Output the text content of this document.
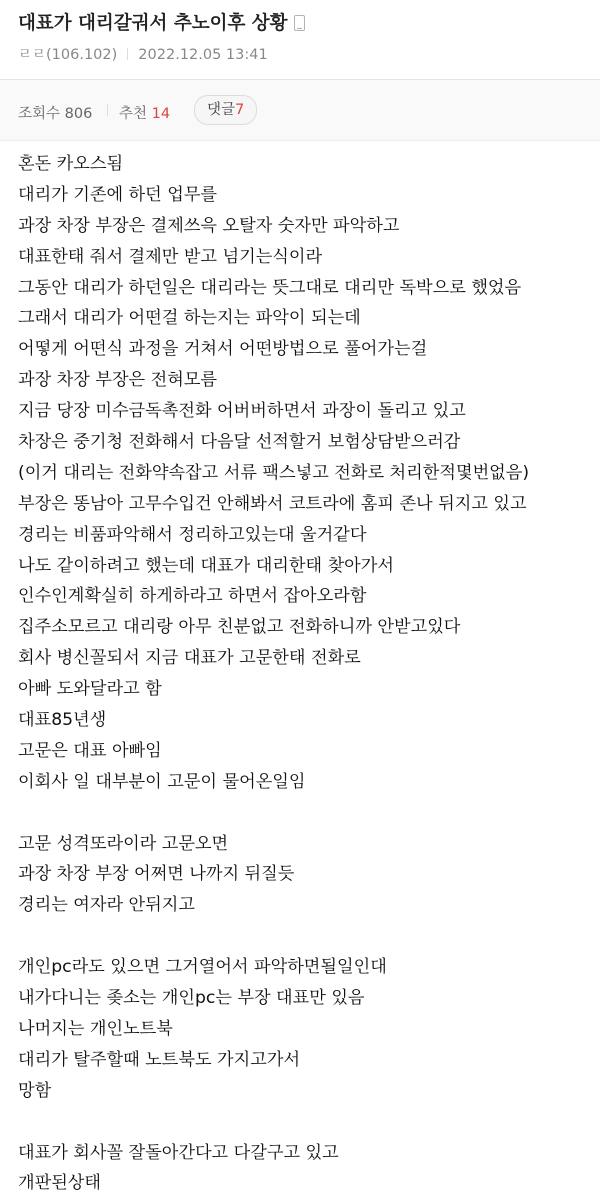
대표가 대리갈궈서 추노이후 상황
ㄹㄹ(106.102) 2022.12.05 13:41
조회수 806 추천 14	댓글7
혼돈 카오스됨
대리가 기존에 하던 업무를
과장 차장 부장은 결제쓰윽 오탈자 숫자만 파악하고
대표한태 줘서 결제만 받고 넘기는식이라
그동안 대리가 하던일은 대리라는 뜻그대로 대리만 독박으로 했었음
그래서 대리가 어떤걸 하는지는 파악이 되는데
어떻게 어떤식 과정을 거쳐서 어떤방법으로 풀어가는걸
과장 차장 부장은 전혀모름
지금 당장 미수금독촉전화 어버버하면서 과장이 돌리고 있고
차장은 중기청 전화해서 다음달 선적할거 보험상담받으러감
(이거 대리는 전화약속잡고 서류 팩스넣고 전화로 처리한적몇번없음)
부장은 똥남아 고무수입건 안해봐서 코트라에 홈피 존나 뒤지고 있고
경리는 비품파악해서 정리하고있는대 울거같다
나도 같이하려고 했는데 대표가 대리한태 찾아가서
인수인계확실히 하게하라고 하면서 잡아오라함
집주소모르고 대리랑 아무 친분없고 전화하니까 안받고있다
회사 병신꼴되서 지금 대표가 고문한태 전화로
아빠 도와달라고 함
대표85년생
고문은 대표 아빠임
이회사 일 대부분이 고문이 물어온일임
고문 성격또라이라 고문오면
과장 차장 부장 어쩌면 나까지 뒤질듯
경리는 여자라 안뒤지고
개인pc라도 있으면 그거열어서 파악하면될일인대
내가다니는 좆소는 개인pc는 부장 대표만 있음
나머지는 개인노트북
대리가 탈주할때 노트북도 가지고가서
망함
대표가 회사꼴 잘돌아간다고 다갈구고 있고
개판된상태
